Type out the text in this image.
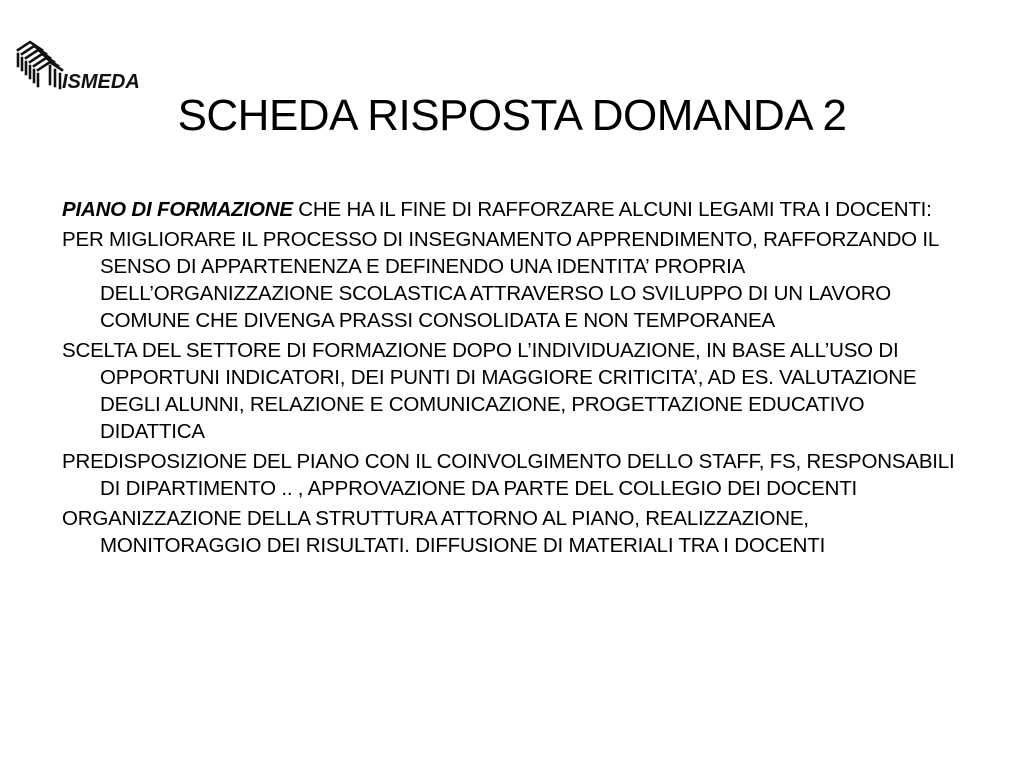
ISMEDA
SCHEDA RISPOSTA DOMANDA 2

PIANO DI FORMAZIONE CHE HA IL FINE DI RAFFORZARE ALCUNI LEGAMI TRA I DOCENTI:

PER MIGLIORARE IL PROCESSO DI INSEGNAMENTO APPRENDIMENTO, RAFFORZANDO IL SENSO DI APPARTENENZA E DEFINENDO UNA IDENTITA’ PROPRIA DELL’ORGANIZZAZIONE SCOLASTICA ATTRAVERSO LO SVILUPPO DI UN LAVORO COMUNE CHE DIVENGA PRASSI CONSOLIDATA E NON TEMPORANEA

SCELTA DEL SETTORE DI FORMAZIONE DOPO L’INDIVIDUAZIONE, IN BASE ALL’USO DI OPPORTUNI INDICATORI, DEI PUNTI DI MAGGIORE CRITICITA’, AD ES. VALUTAZIONE DEGLI ALUNNI, RELAZIONE E COMUNICAZIONE, PROGETTAZIONE EDUCATIVO DIDATTICA

PREDISPOSIZIONE DEL PIANO CON IL COINVOLGIMENTO DELLO STAFF, FS, RESPONSABILI DI DIPARTIMENTO .. , APPROVAZIONE DA PARTE DEL COLLEGIO DEI DOCENTI

ORGANIZZAZIONE DELLA STRUTTURA ATTORNO AL PIANO, REALIZZAZIONE, MONITORAGGIO DEI RISULTATI. DIFFUSIONE DI MATERIALI TRA I DOCENTI
